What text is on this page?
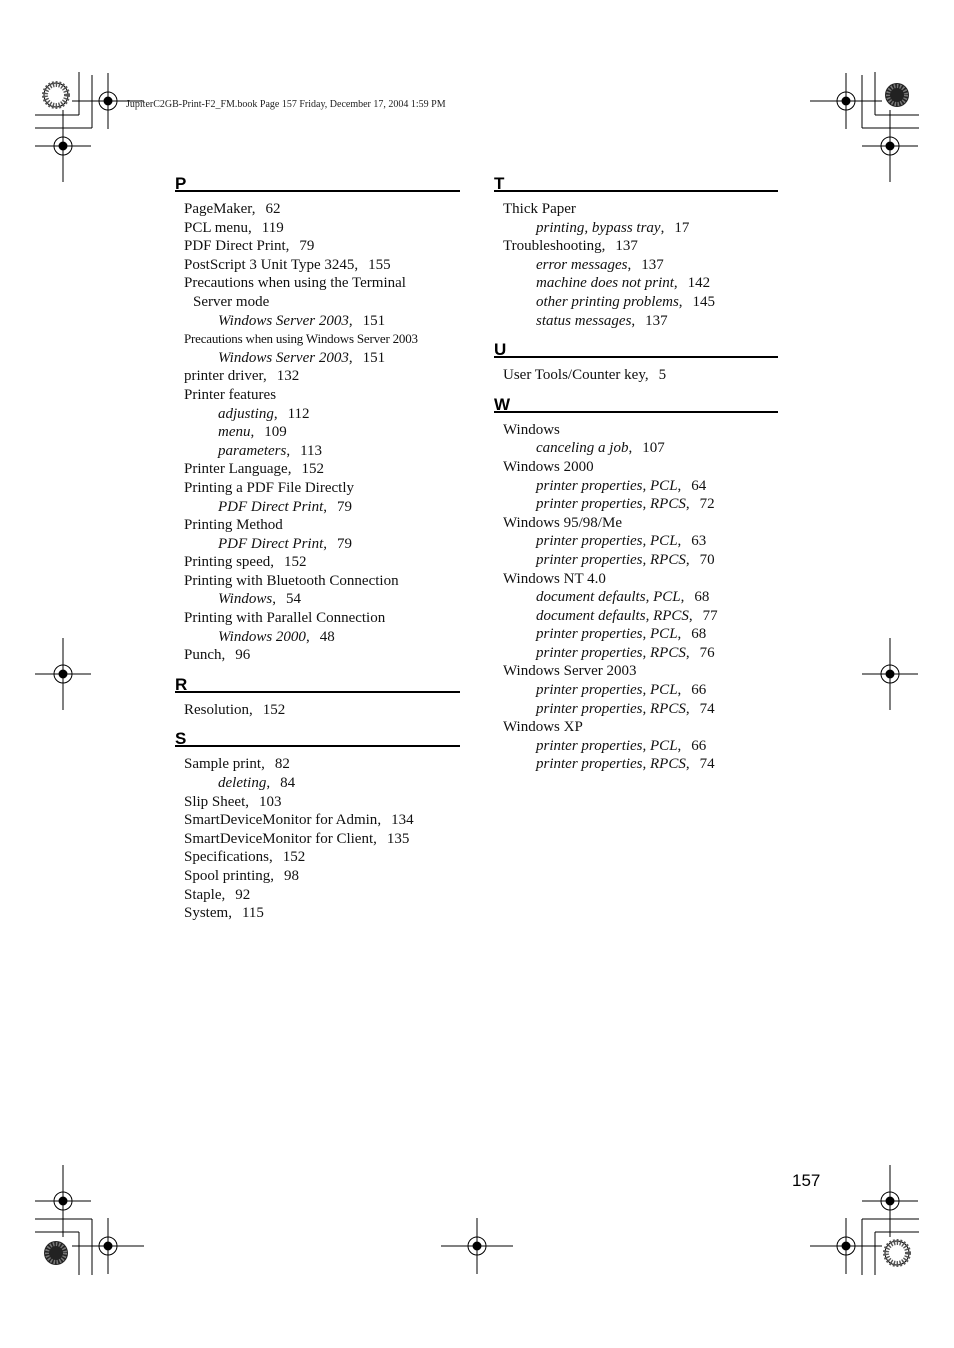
JupiterC2GB-Print-F2_FM.book Page 157 Friday, December 17, 2004 1:59 PM
P
PageMaker, 62
PCL menu, 119
PDF Direct Print, 79
PostScript 3 Unit Type 3245, 155
Precautions when using the Terminal
Server mode
Windows Server 2003, 151
Precautions when using Windows Server 2003
Windows Server 2003, 151
printer driver, 132
Printer features
adjusting, 112
menu, 109
parameters, 113
Printer Language, 152
Printing a PDF File Directly
PDF Direct Print, 79
Printing Method
PDF Direct Print, 79
Printing speed, 152
Printing with Bluetooth Connection
Windows, 54
Printing with Parallel Connection
Windows 2000, 48
Punch, 96
R
Resolution, 152
S
Sample print, 82
deleting, 84
Slip Sheet, 103
SmartDeviceMonitor for Admin, 134
SmartDeviceMonitor for Client, 135
Specifications, 152
Spool printing, 98
Staple, 92
System, 115
T
Thick Paper
printing, bypass tray, 17
Troubleshooting, 137
error messages, 137
machine does not print, 142
other printing problems, 145
status messages, 137
U
User Tools/Counter key, 5
W
Windows
canceling a job, 107
Windows 2000
printer properties, PCL, 64
printer properties, RPCS, 72
Windows 95/98/Me
printer properties, PCL, 63
printer properties, RPCS, 70
Windows NT 4.0
document defaults, PCL, 68
document defaults, RPCS, 77
printer properties, PCL, 68
printer properties, RPCS, 76
Windows Server 2003
printer properties, PCL, 66
printer properties, RPCS, 74
Windows XP
printer properties, PCL, 66
printer properties, RPCS, 74
157
